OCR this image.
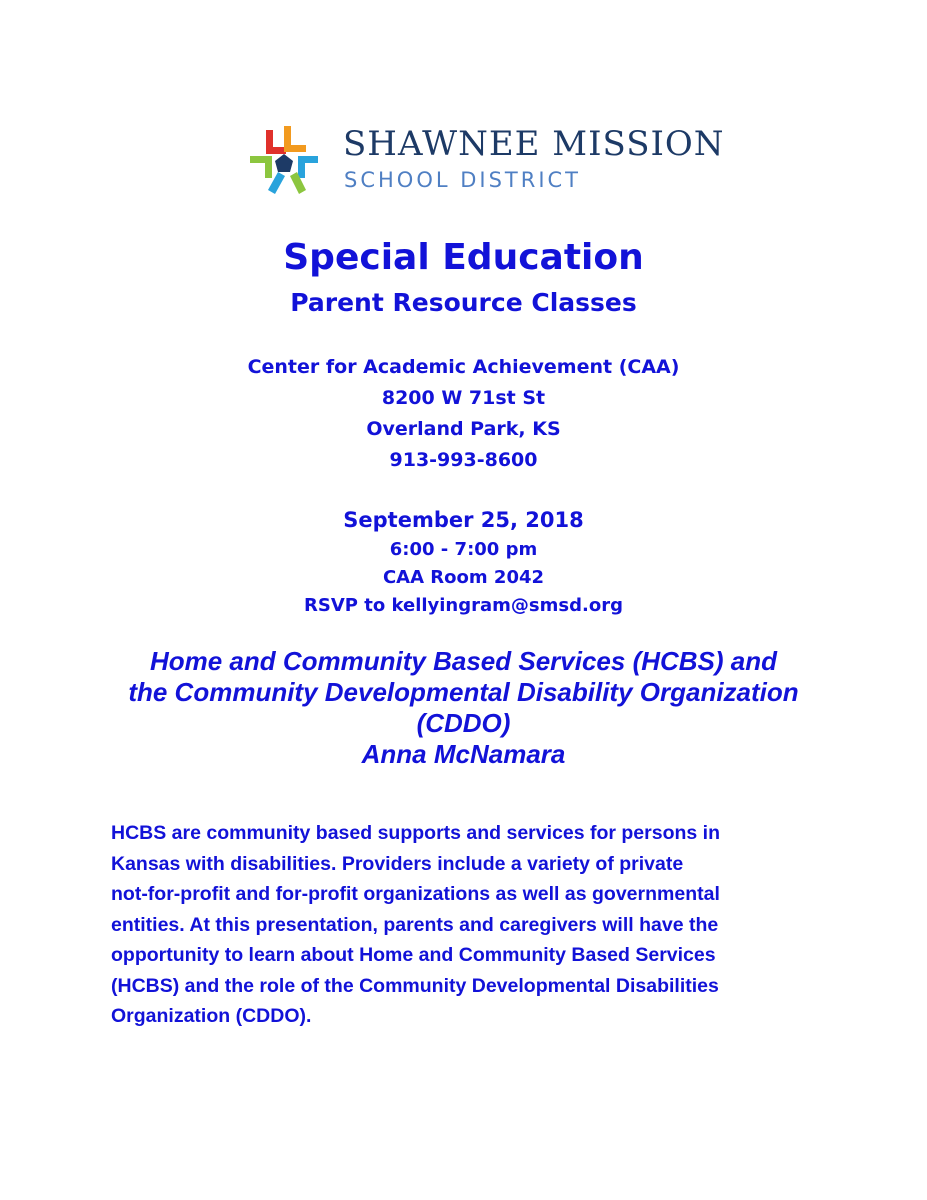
SHAWNEE MISSION
SCHOOL DISTRICT
Special Education
Parent Resource Classes
Center for Academic Achievement (CAA)
8200 W 71st St
Overland Park, KS
913-993-8600
September 25, 2018
6:00 - 7:00 pm
CAA Room 2042
RSVP to kellyingram@smsd.org
Home and Community Based Services (HCBS) and
the Community Developmental Disability Organization
(CDDO)
Anna McNamara

HCBS are community based supports and services for persons in
Kansas with disabilities. Providers include a variety of private
not-for-profit and for-profit organizations as well as governmental
entities. At this presentation, parents and caregivers will have the
opportunity to learn about Home and Community Based Services
(HCBS) and the role of the Community Developmental Disabilities
Organization (CDDO).
